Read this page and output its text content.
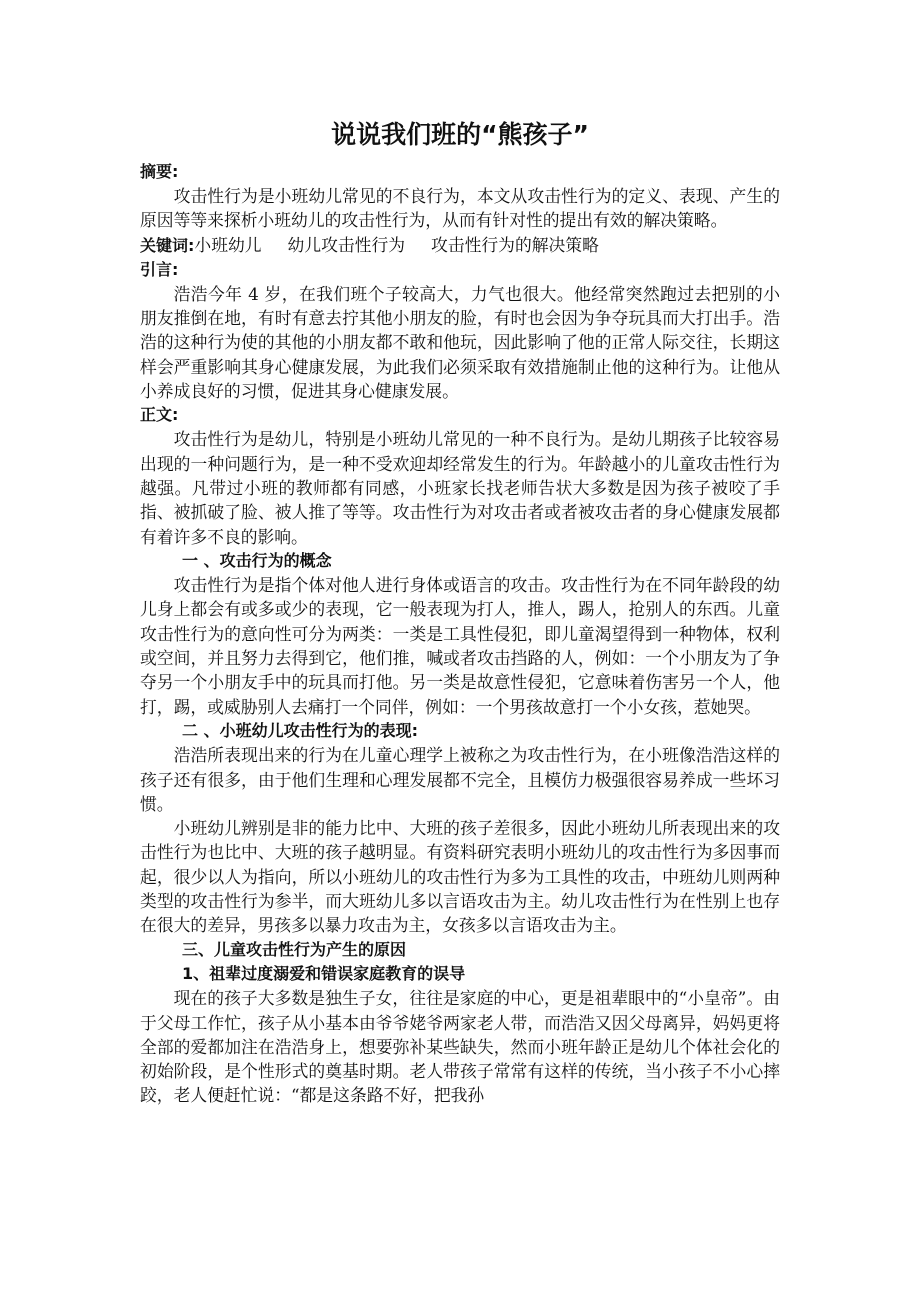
说说我们班的“熊孩子”
摘要:

攻击性行为是小班幼儿常见的不良行为，本文从攻击性行为的定义、表现、产生的原因等等来探析小班幼儿的攻击性行为，从而有针对性的提出有效的解决策略。

关键词:小班幼儿 幼儿攻击性行为 攻击性行为的解决策略
引言:

浩浩今年 4 岁，在我们班个子较高大，力气也很大。他经常突然跑过去把别的小朋友推倒在地，有时有意去拧其他小朋友的脸，有时也会因为争夺玩具而大打出手。浩浩的这种行为使的其他的小朋友都不敢和他玩，因此影响了他的正常人际交往，长期这样会严重影响其身心健康发展，为此我们必须采取有效措施制止他的这种行为。让他从小养成良好的习惯，促进其身心健康发展。

正文:

攻击性行为是幼儿，特别是小班幼儿常见的一种不良行为。是幼儿期孩子比较容易出现的一种问题行为，是一种不受欢迎却经常发生的行为。年龄越小的儿童攻击性行为越强。凡带过小班的教师都有同感，小班家长找老师告状大多数是因为孩子被咬了手指、被抓破了脸、被人推了等等。攻击性行为对攻击者或者被攻击者的身心健康发展都有着许多不良的影响。

一 、攻击行为的概念

攻击性行为是指个体对他人进行身体或语言的攻击。攻击性行为在不同年龄段的幼儿身上都会有或多或少的表现，它一般表现为打人，推人，踢人，抢别人的东西。儿童攻击性行为的意向性可分为两类：一类是工具性侵犯，即儿童渴望得到一种物体，权利或空间，并且努力去得到它，他们推，喊或者攻击挡路的人，例如：一个小朋友为了争夺另一个小朋友手中的玩具而打他。另一类是故意性侵犯，它意味着伤害另一个人，他打，踢，或威胁别人去痛打一个同伴，例如：一个男孩故意打一个小女孩，惹她哭。

二 、小班幼儿攻击性行为的表现:

浩浩所表现出来的行为在儿童心理学上被称之为攻击性行为，在小班像浩浩这样的孩子还有很多，由于他们生理和心理发展都不完全，且模仿力极强很容易养成一些坏习惯。

小班幼儿辨别是非的能力比中、大班的孩子差很多，因此小班幼儿所表现出来的攻击性行为也比中、大班的孩子越明显。有资料研究表明小班幼儿的攻击性行为多因事而起，很少以人为指向，所以小班幼儿的攻击性行为多为工具性的攻击，中班幼儿则两种类型的攻击性行为参半，而大班幼儿多以言语攻击为主。幼儿攻击性行为在性别上也存在很大的差异，男孩多以暴力攻击为主，女孩多以言语攻击为主。

三、儿童攻击性行为产生的原因
1、祖辈过度溺爱和错误家庭教育的误导

现在的孩子大多数是独生子女，往往是家庭的中心，更是祖辈眼中的“小皇帝”。由于父母工作忙，孩子从小基本由爷爷姥爷两家老人带，而浩浩又因父母离异，妈妈更将全部的爱都加注在浩浩身上，想要弥补某些缺失，然而小班年龄正是幼儿个体社会化的初始阶段，是个性形式的奠基时期。老人带孩子常常有这样的传统，当小孩子不小心摔跤，老人便赶忙说：“都是这条路不好，把我孙
